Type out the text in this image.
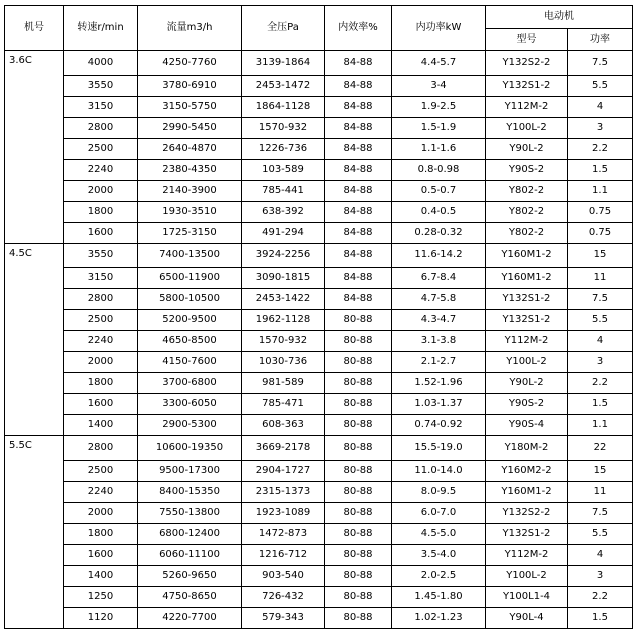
机号	转速r/min	流量m3/h	全压Pa	内效率%	内功率kW	电动机	
						型号	功率
3.6C	4000	4250-7760	3139-1864	84-88	4.4-5.7	Y132S2-2	7.5
	3550	3780-6910	2453-1472	84-88	3-4	Y132S1-2	5.5
	3150	3150-5750	1864-1128	84-88	1.9-2.5	Y112M-2	4
	2800	2990-5450	1570-932	84-88	1.5-1.9	Y100L-2	3
	2500	2640-4870	1226-736	84-88	1.1-1.6	Y90L-2	2.2
	2240	2380-4350	103-589	84-88	0.8-0.98	Y90S-2	1.5
	2000	2140-3900	785-441	84-88	0.5-0.7	Y802-2	1.1
	1800	1930-3510	638-392	84-88	0.4-0.5	Y802-2	0.75
	1600	1725-3150	491-294	84-88	0.28-0.32	Y802-2	0.75
4.5C	3550	7400-13500	3924-2256	84-88	11.6-14.2	Y160M1-2	15
	3150	6500-11900	3090-1815	84-88	6.7-8.4	Y160M1-2	11
	2800	5800-10500	2453-1422	84-88	4.7-5.8	Y132S1-2	7.5
	2500	5200-9500	1962-1128	80-88	4.3-4.7	Y132S1-2	5.5
	2240	4650-8500	1570-932	80-88	3.1-3.8	Y112M-2	4
	2000	4150-7600	1030-736	80-88	2.1-2.7	Y100L-2	3
	1800	3700-6800	981-589	80-88	1.52-1.96	Y90L-2	2.2
	1600	3300-6050	785-471	80-88	1.03-1.37	Y90S-2	1.5
	1400	2900-5300	608-363	80-88	0.74-0.92	Y90S-4	1.1
5.5C	2800	10600-19350	3669-2178	80-88	15.5-19.0	Y180M-2	22
	2500	9500-17300	2904-1727	80-88	11.0-14.0	Y160M2-2	15
	2240	8400-15350	2315-1373	80-88	8.0-9.5	Y160M1-2	11
	2000	7550-13800	1923-1089	80-88	6.0-7.0	Y132S2-2	7.5
	1800	6800-12400	1472-873	80-88	4.5-5.0	Y132S1-2	5.5
	1600	6060-11100	1216-712	80-88	3.5-4.0	Y112M-2	4
	1400	5260-9650	903-540	80-88	2.0-2.5	Y100L-2	3
	1250	4750-8650	726-432	80-88	1.45-1.80	Y100L1-4	2.2
	1120	4220-7700	579-343	80-88	1.02-1.23	Y90L-4	1.5
